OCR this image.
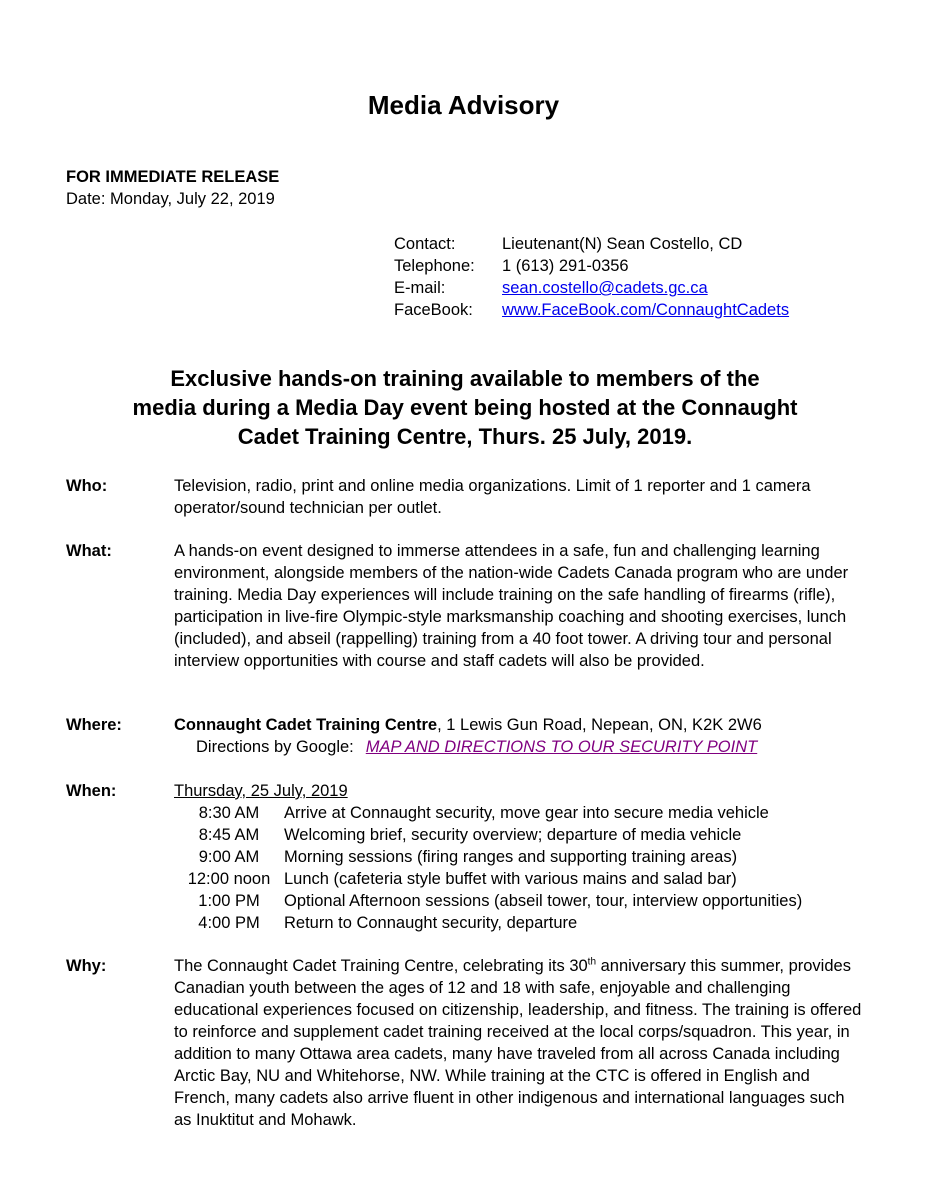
Media Advisory
FOR IMMEDIATE RELEASE
Date: Monday, July 22, 2019
Contact:	Lieutenant(N) Sean Costello, CD
Telephone:	1 (613) 291-0356
E-mail:	sean.costello@cadets.gc.ca
FaceBook:	www.FaceBook.com/ConnaughtCadets
Exclusive hands-on training available to members of the
media during a Media Day event being hosted at the Connaught
Cadet Training Centre, Thurs. 25 July, 2019.
Who:	Television, radio, print and online media organizations. Limit of 1 reporter and 1 camera operator/sound technician per outlet.
What:	A hands-on event designed to immerse attendees in a safe, fun and challenging learning environment, alongside members of the nation-wide Cadets Canada program who are under training. Media Day experiences will include training on the safe handling of firearms (rifle), participation in live-fire Olympic-style marksmanship coaching and shooting exercises, lunch (included), and abseil (rappelling) training from a 40 foot tower. A driving tour and personal interview opportunities with course and staff cadets will also be provided.
Where:	Connaught Cadet Training Centre, 1 Lewis Gun Road, Nepean, ON, K2K 2W6
Directions by Google: MAP AND DIRECTIONS TO OUR SECURITY POINT
When:	Thursday, 25 July, 2019
8:30 AM	Arrive at Connaught security, move gear into secure media vehicle
8:45 AM	Welcoming brief, security overview; departure of media vehicle
9:00 AM	Morning sessions (firing ranges and supporting training areas)
12:00 noon Lunch (cafeteria style buffet with various mains and salad bar)
1:00 PM	Optional Afternoon sessions (abseil tower, tour, interview opportunities)
4:00 PM	Return to Connaught security, departure
Why:	The Connaught Cadet Training Centre, celebrating its 30th anniversary this summer, provides Canadian youth between the ages of 12 and 18 with safe, enjoyable and challenging educational experiences focused on citizenship, leadership, and fitness. The training is offered to reinforce and supplement cadet training received at the local corps/squadron. This year, in addition to many Ottawa area cadets, many have traveled from all across Canada including Arctic Bay, NU and Whitehorse, NW. While training at the CTC is offered in English and French, many cadets also arrive fluent in other indigenous and international languages such as Inuktitut and Mohawk.
